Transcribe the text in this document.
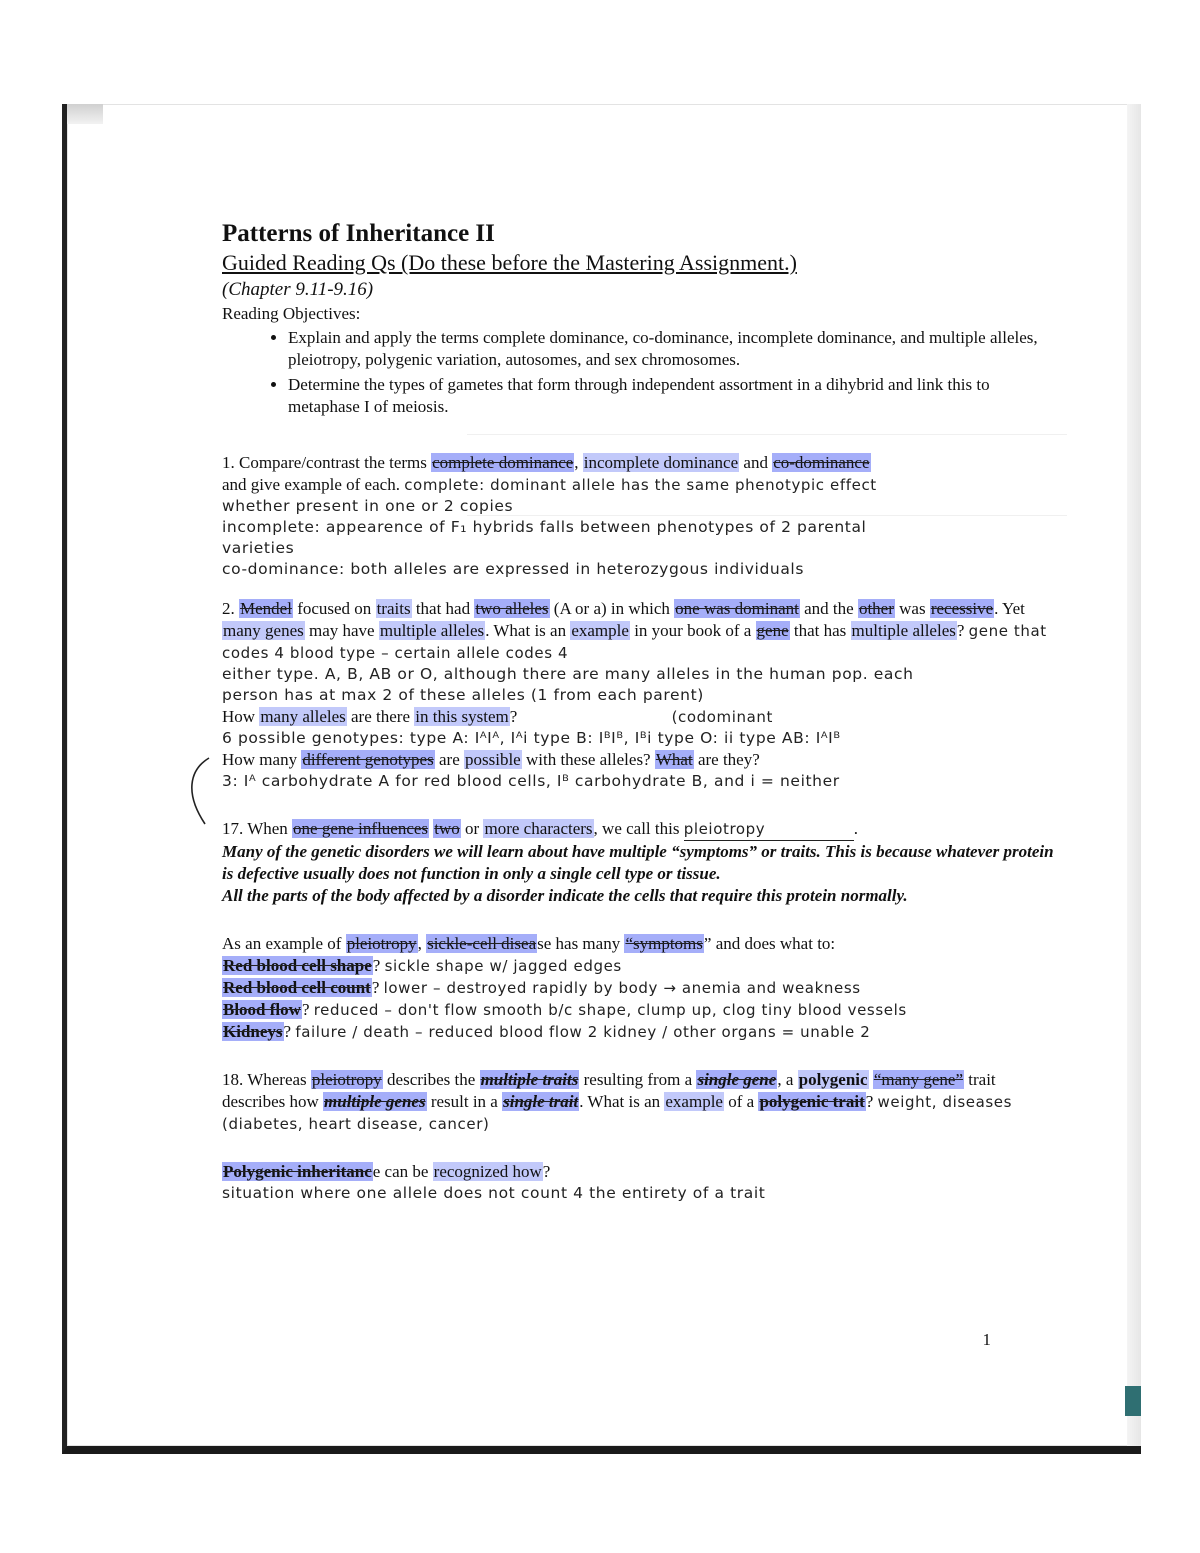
Patterns of Inheritance II
Guided Reading Qs (Do these before the Mastering Assignment.)
(Chapter 9.11-9.16)
Reading Objectives:
• Explain and apply the terms complete dominance, co-dominance, incomplete dominance, and multiple alleles, pleiotropy, polygenic variation, autosomes, and sex chromosomes.
• Determine the types of gametes that form through independent assortment in a dihybrid and link this to metaphase I of meiosis.
1. Compare/contrast the terms complete dominance, incomplete dominance and co-dominance
and give example of each. complete: dominant allele has the same phenotypic effect
whether present in one or 2 copies
incomplete: appearence of F₁ hybrids falls between phenotypes of 2 parental
varieties
co-dominance: both alleles are expressed in heterozygous individuals
2. Mendel focused on traits that had two alleles (A or a) in which one was dominant and the other was recessive. Yet many genes may have multiple alleles. What is an example in your book of a gene that has multiple alleles? gene that codes 4 blood type – certain allele codes 4
either type. A, B, AB or O, although there are many alleles in the human pop. each
person has at max 2 of these alleles (1 from each parent)
How many alleles are there in this system?	(codominant
6 possible genotypes: type A: IᴬIᴬ, Iᴬi type B: IᴮIᴮ, Iᴮi type O: ii type AB: IᴬIᴮ
How many different genotypes are possible with these alleles? What are they?
3: Iᴬ carbohydrate A for red blood cells, Iᴮ carbohydrate B, and i = neither
17. When one gene influences two or more characters, we call this pleiotropy	.
Many of the genetic disorders we will learn about have multiple “symptoms” or traits. This is because whatever protein is defective usually does not function in only a single cell type or tissue.
All the parts of the body affected by a disorder indicate the cells that require this protein normally.
As an example of pleiotropy, sickle-cell disease has many “symptoms” and does what to:
Red blood cell shape? sickle shape w/ jagged edges
Red blood cell count? lower – destroyed rapidly by body → anemia and weakness
Blood flow? reduced – don't flow smooth b/c shape, clump up, clog tiny blood vessels
Kidneys? failure / death – reduced blood flow 2 kidney / other organs = unable 2
18. Whereas pleiotropy describes the multiple traits resulting from a single gene, a polygenic “many gene” trait describes how multiple genes result in a single trait. What is an example of a polygenic trait? weight, diseases (diabetes, heart disease, cancer)
Polygenic inheritance can be recognized how?
situation where one allele does not count 4 the entirety of a trait
1
